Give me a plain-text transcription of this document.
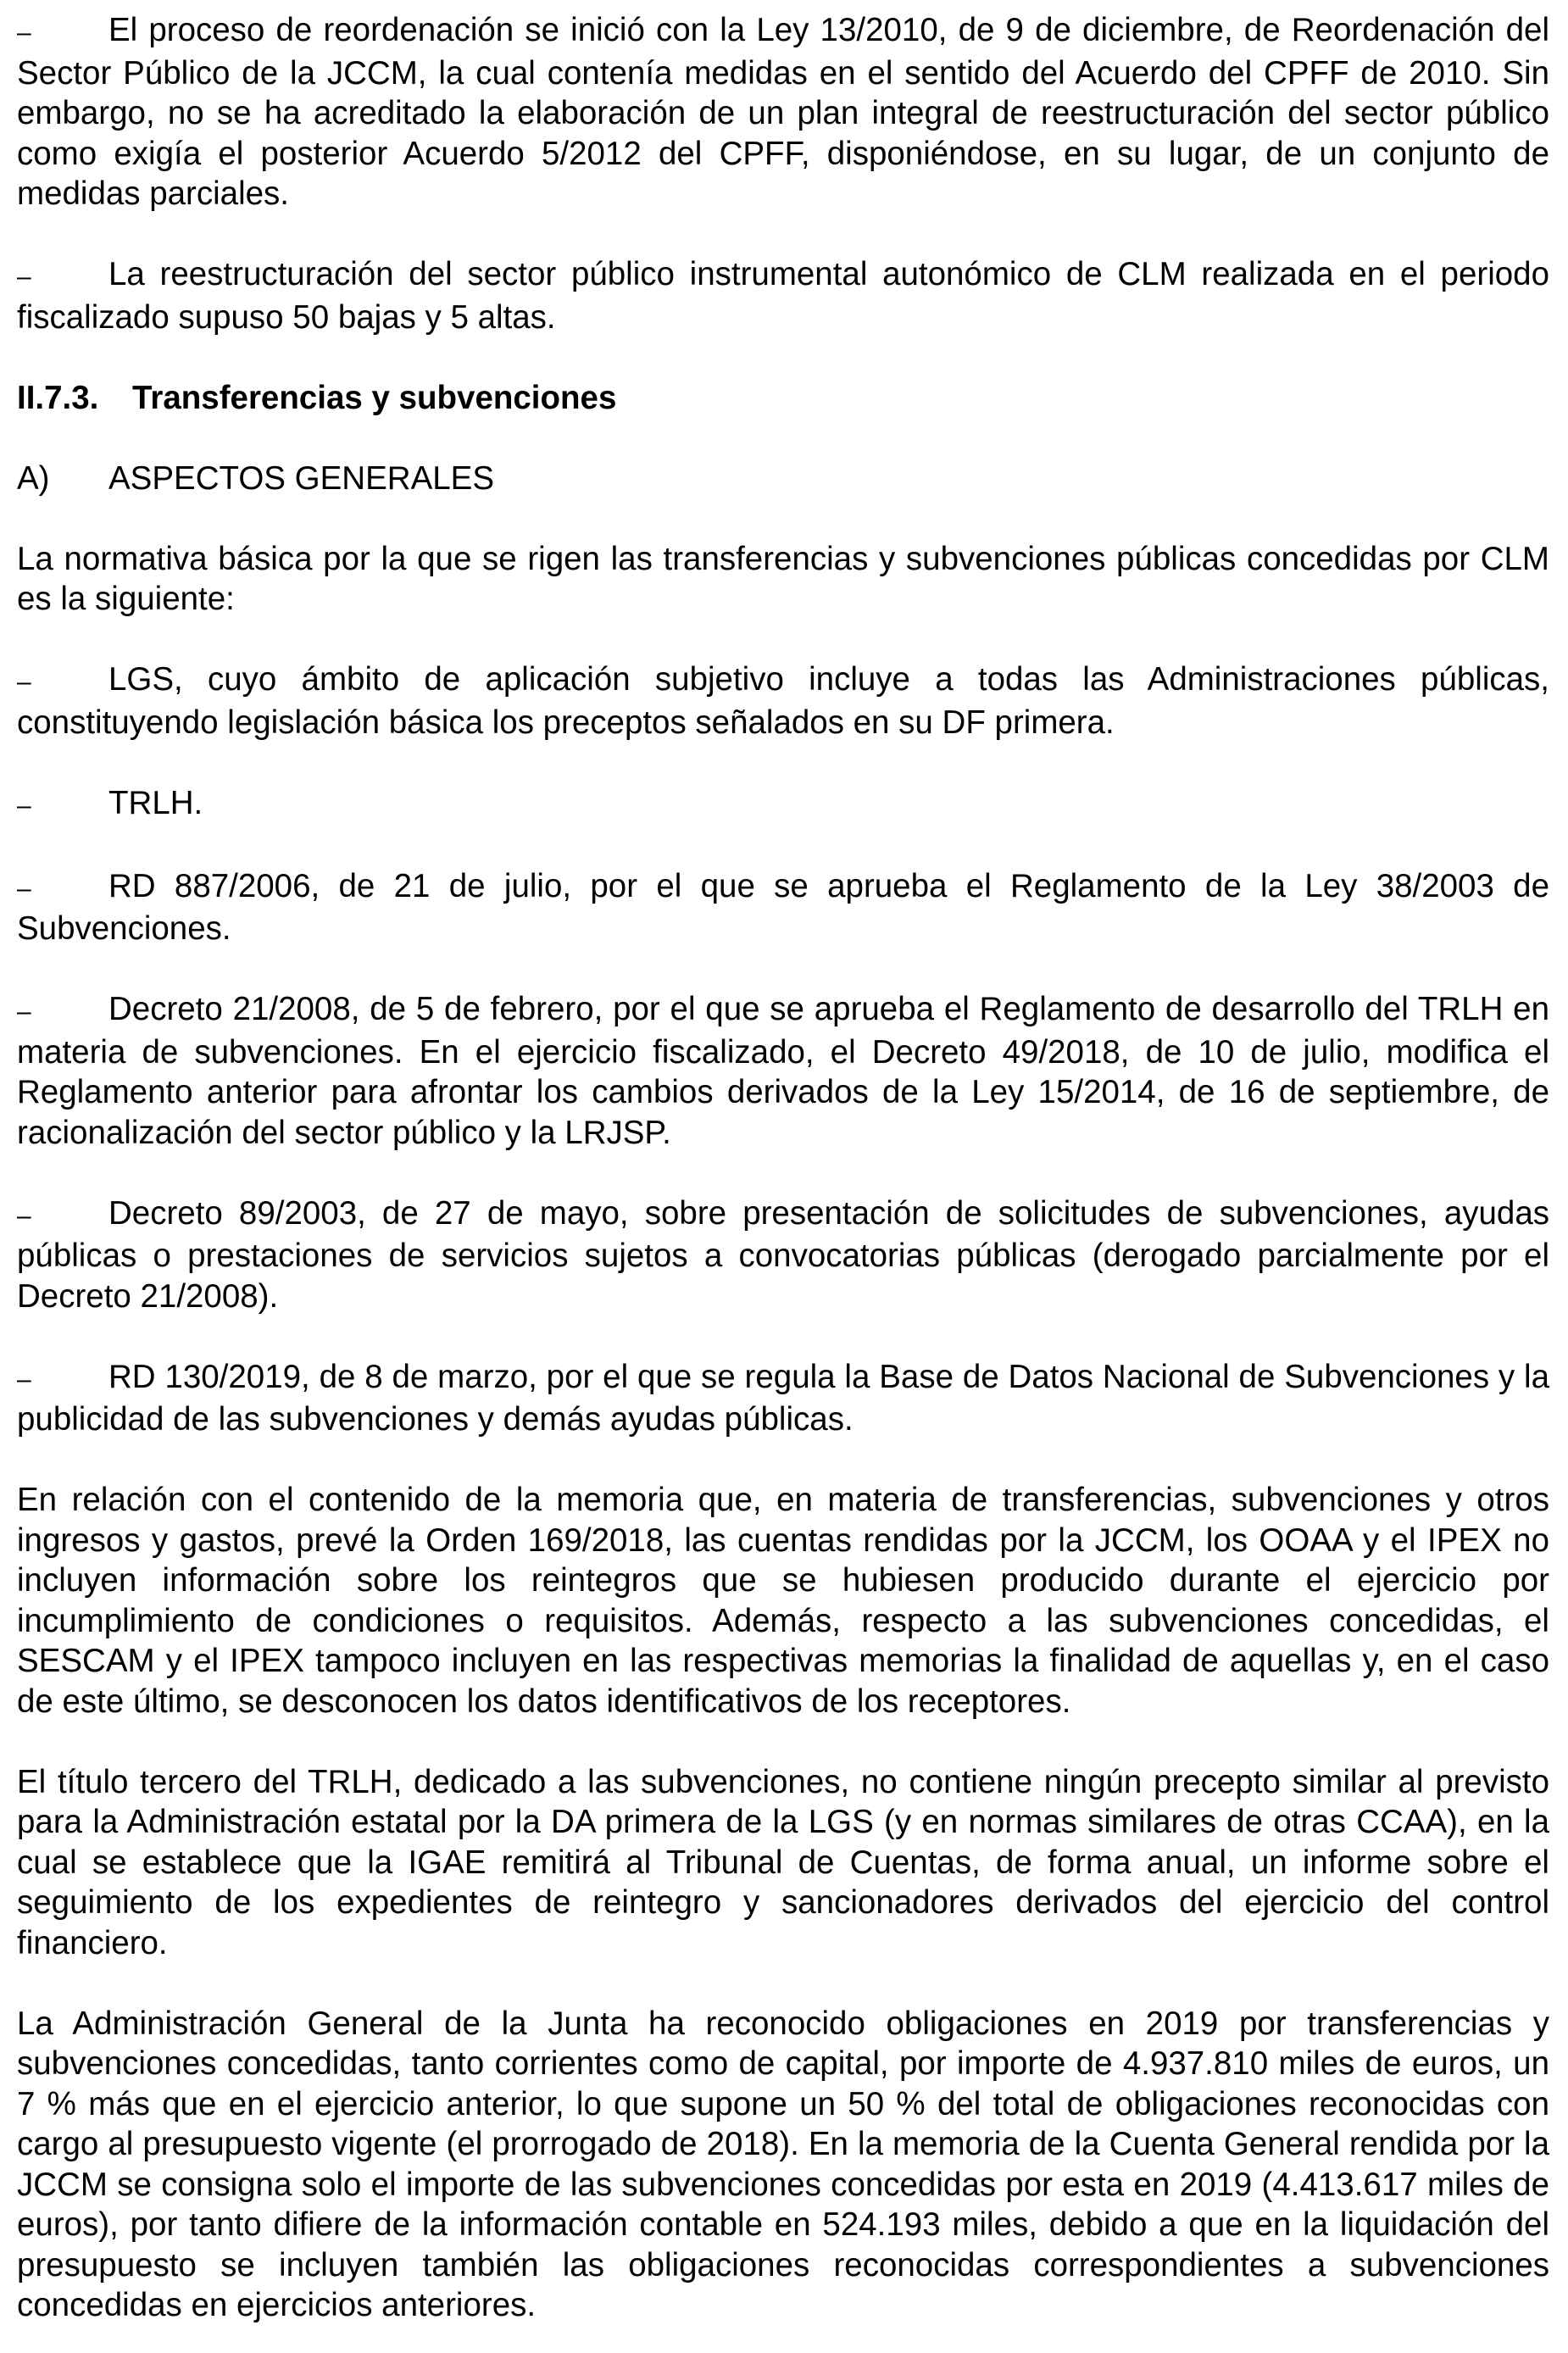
– El proceso de reordenación se inició con la Ley 13/2010, de 9 de diciembre, de Reordenación del Sector Público de la JCCM, la cual contenía medidas en el sentido del Acuerdo del CPFF de 2010. Sin embargo, no se ha acreditado la elaboración de un plan integral de reestructuración del sector público como exigía el posterior Acuerdo 5/2012 del CPFF, disponiéndose, en su lugar, de un conjunto de medidas parciales.

– La reestructuración del sector público instrumental autonómico de CLM realizada en el periodo fiscalizado supuso 50 bajas y 5 altas.

II.7.3. Transferencias y subvenciones

A) ASPECTOS GENERALES

La normativa básica por la que se rigen las transferencias y subvenciones públicas concedidas por CLM es la siguiente:

– LGS, cuyo ámbito de aplicación subjetivo incluye a todas las Administraciones públicas, constituyendo legislación básica los preceptos señalados en su DF primera.

– TRLH.

– RD 887/2006, de 21 de julio, por el que se aprueba el Reglamento de la Ley 38/2003 de Subvenciones.

– Decreto 21/2008, de 5 de febrero, por el que se aprueba el Reglamento de desarrollo del TRLH en materia de subvenciones. En el ejercicio fiscalizado, el Decreto 49/2018, de 10 de julio, modifica el Reglamento anterior para afrontar los cambios derivados de la Ley 15/2014, de 16 de septiembre, de racionalización del sector público y la LRJSP.

– Decreto 89/2003, de 27 de mayo, sobre presentación de solicitudes de subvenciones, ayudas públicas o prestaciones de servicios sujetos a convocatorias públicas (derogado parcialmente por el Decreto 21/2008).

– RD 130/2019, de 8 de marzo, por el que se regula la Base de Datos Nacional de Subvenciones y la publicidad de las subvenciones y demás ayudas públicas.

En relación con el contenido de la memoria que, en materia de transferencias, subvenciones y otros ingresos y gastos, prevé la Orden 169/2018, las cuentas rendidas por la JCCM, los OOAA y el IPEX no incluyen información sobre los reintegros que se hubiesen producido durante el ejercicio por incumplimiento de condiciones o requisitos. Además, respecto a las subvenciones concedidas, el SESCAM y el IPEX tampoco incluyen en las respectivas memorias la finalidad de aquellas y, en el caso de este último, se desconocen los datos identificativos de los receptores.

El título tercero del TRLH, dedicado a las subvenciones, no contiene ningún precepto similar al previsto para la Administración estatal por la DA primera de la LGS (y en normas similares de otras CCAA), en la cual se establece que la IGAE remitirá al Tribunal de Cuentas, de forma anual, un informe sobre el seguimiento de los expedientes de reintegro y sancionadores derivados del ejercicio del control financiero.

La Administración General de la Junta ha reconocido obligaciones en 2019 por transferencias y subvenciones concedidas, tanto corrientes como de capital, por importe de 4.937.810 miles de euros, un 7 % más que en el ejercicio anterior, lo que supone un 50 % del total de obligaciones reconocidas con cargo al presupuesto vigente (el prorrogado de 2018). En la memoria de la Cuenta General rendida por la JCCM se consigna solo el importe de las subvenciones concedidas por esta en 2019 (4.413.617 miles de euros), por tanto difiere de la información contable en 524.193 miles, debido a que en la liquidación del presupuesto se incluyen también las obligaciones reconocidas correspondientes a subvenciones concedidas en ejercicios anteriores.
